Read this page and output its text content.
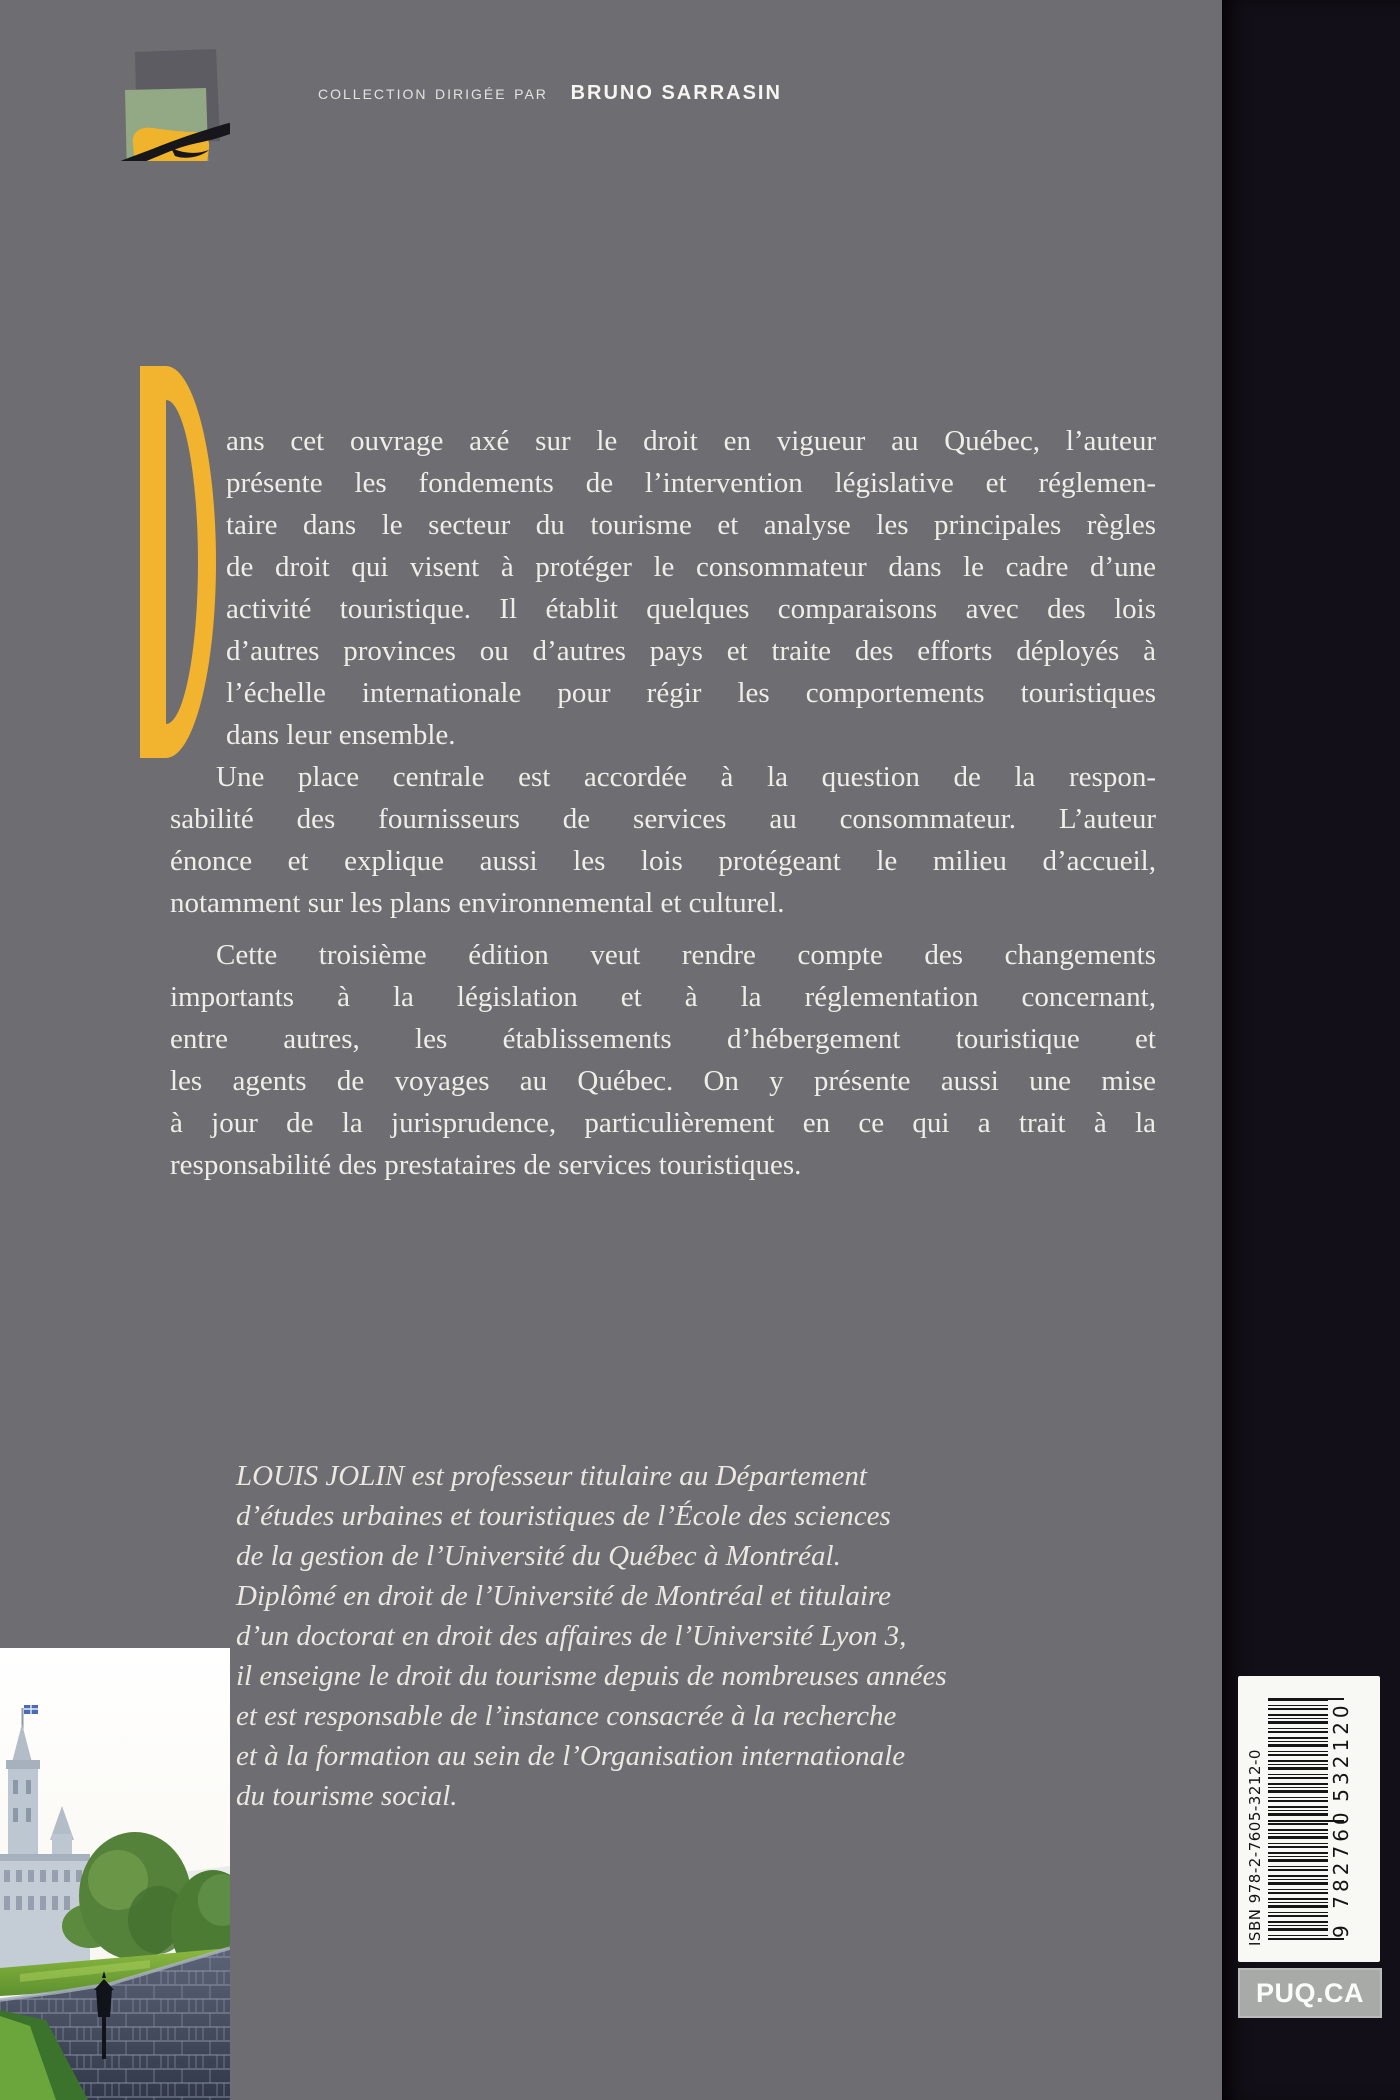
collection dirigée par BRUNO SARRASIN
ans cet ouvrage axé sur le droit en vigueur au Québec, l’auteur
présente les fondements de l’intervention législative et réglemen-
taire dans le secteur du tourisme et analyse les principales règles
de droit qui visent à protéger le consommateur dans le cadre d’une
activité touristique. Il établit quelques comparaisons avec des lois
d’autres provinces ou d’autres pays et traite des efforts déployés à
l’échelle internationale pour régir les comportements touristiques
dans leur ensemble.
Une place centrale est accordée à la question de la respon-
sabilité des fournisseurs de services au consommateur. L’auteur
énonce et explique aussi les lois protégeant le milieu d’accueil,
notamment sur les plans environnemental et culturel.
Cette troisième édition veut rendre compte des changements
importants à la législation et à la réglementation concernant,
entre autres, les établissements d’hébergement touristique et
les agents de voyages au Québec. On y présente aussi une mise
à jour de la jurisprudence, particulièrement en ce qui a trait à la
responsabilité des prestataires de services touristiques.
LOUIS JOLIN est professeur titulaire au Département
d’études urbaines et touristiques de l’École des sciences
de la gestion de l’Université du Québec à Montréal.
Diplômé en droit de l’Université de Montréal et titulaire
d’un doctorat en droit des affaires de l’Université Lyon 3,
il enseigne le droit du tourisme depuis de nombreuses années
et est responsable de l’instance consacrée à la recherche
et à la formation au sein de l’Organisation internationale
du tourisme social.	ISBN 978-2-7605-3212-0	9
782760
532120
PUQ.CA
